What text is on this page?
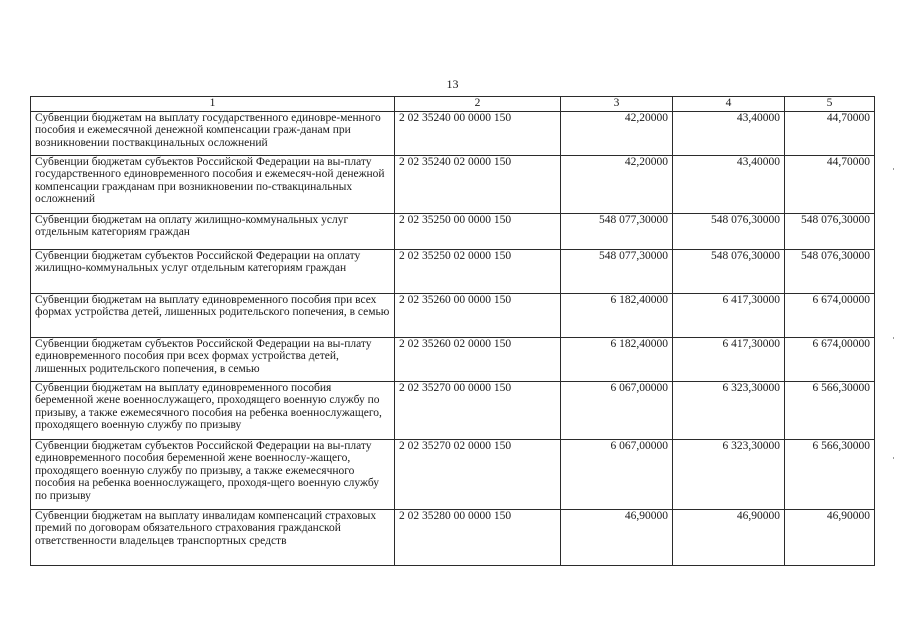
13
1	2	3	4	5
Субвенции бюджетам на выплату государственного единовре-менного пособия и ежемесячной денежной компенсации граж-данам при возникновении поствакцинальных осложнений	2 02 35240 00 0000 150	42,20000	43,40000	44,70000
Субвенции бюджетам субъектов Российской Федерации на вы-плату государственного единовременного пособия и ежемесяч-ной денежной компенсации гражданам при возникновении по-ствакцинальных осложнений	2 02 35240 02 0000 150	42,20000	43,40000	44,70000
Субвенции бюджетам на оплату жилищно-коммунальных услуг отдельным категориям граждан	2 02 35250 00 0000 150	548 077,30000	548 076,30000	548 076,30000
Субвенции бюджетам субъектов Российской Федерации на оплату жилищно-коммунальных услуг отдельным категориям граждан	2 02 35250 02 0000 150	548 077,30000	548 076,30000	548 076,30000
Субвенции бюджетам на выплату единовременного пособия при всех формах устройства детей, лишенных родительского попечения, в семью	2 02 35260 00 0000 150	6 182,40000	6 417,30000	6 674,00000
Субвенции бюджетам субъектов Российской Федерации на вы-плату единовременного пособия при всех формах устройства детей, лишенных родительского попечения, в семью	2 02 35260 02 0000 150	6 182,40000	6 417,30000	6 674,00000
Субвенции бюджетам на выплату единовременного пособия беременной жене военнослужащего, проходящего военную службу по призыву, а также ежемесячного пособия на ребенка военнослужащего, проходящего военную службу по призыву	2 02 35270 00 0000 150	6 067,00000	6 323,30000	6 566,30000
Субвенции бюджетам субъектов Российской Федерации на вы-плату единовременного пособия беременной жене военнослу-жащего, проходящего военную службу по призыву, а также ежемесячного пособия на ребенка военнослужащего, проходя-щего военную службу по призыву	2 02 35270 02 0000 150	6 067,00000	6 323,30000	6 566,30000
Субвенции бюджетам на выплату инвалидам компенсаций страховых премий по договорам обязательного страхования гражданской ответственности владельцев транспортных средств	2 02 35280 00 0000 150	46,90000	46,90000	46,90000
